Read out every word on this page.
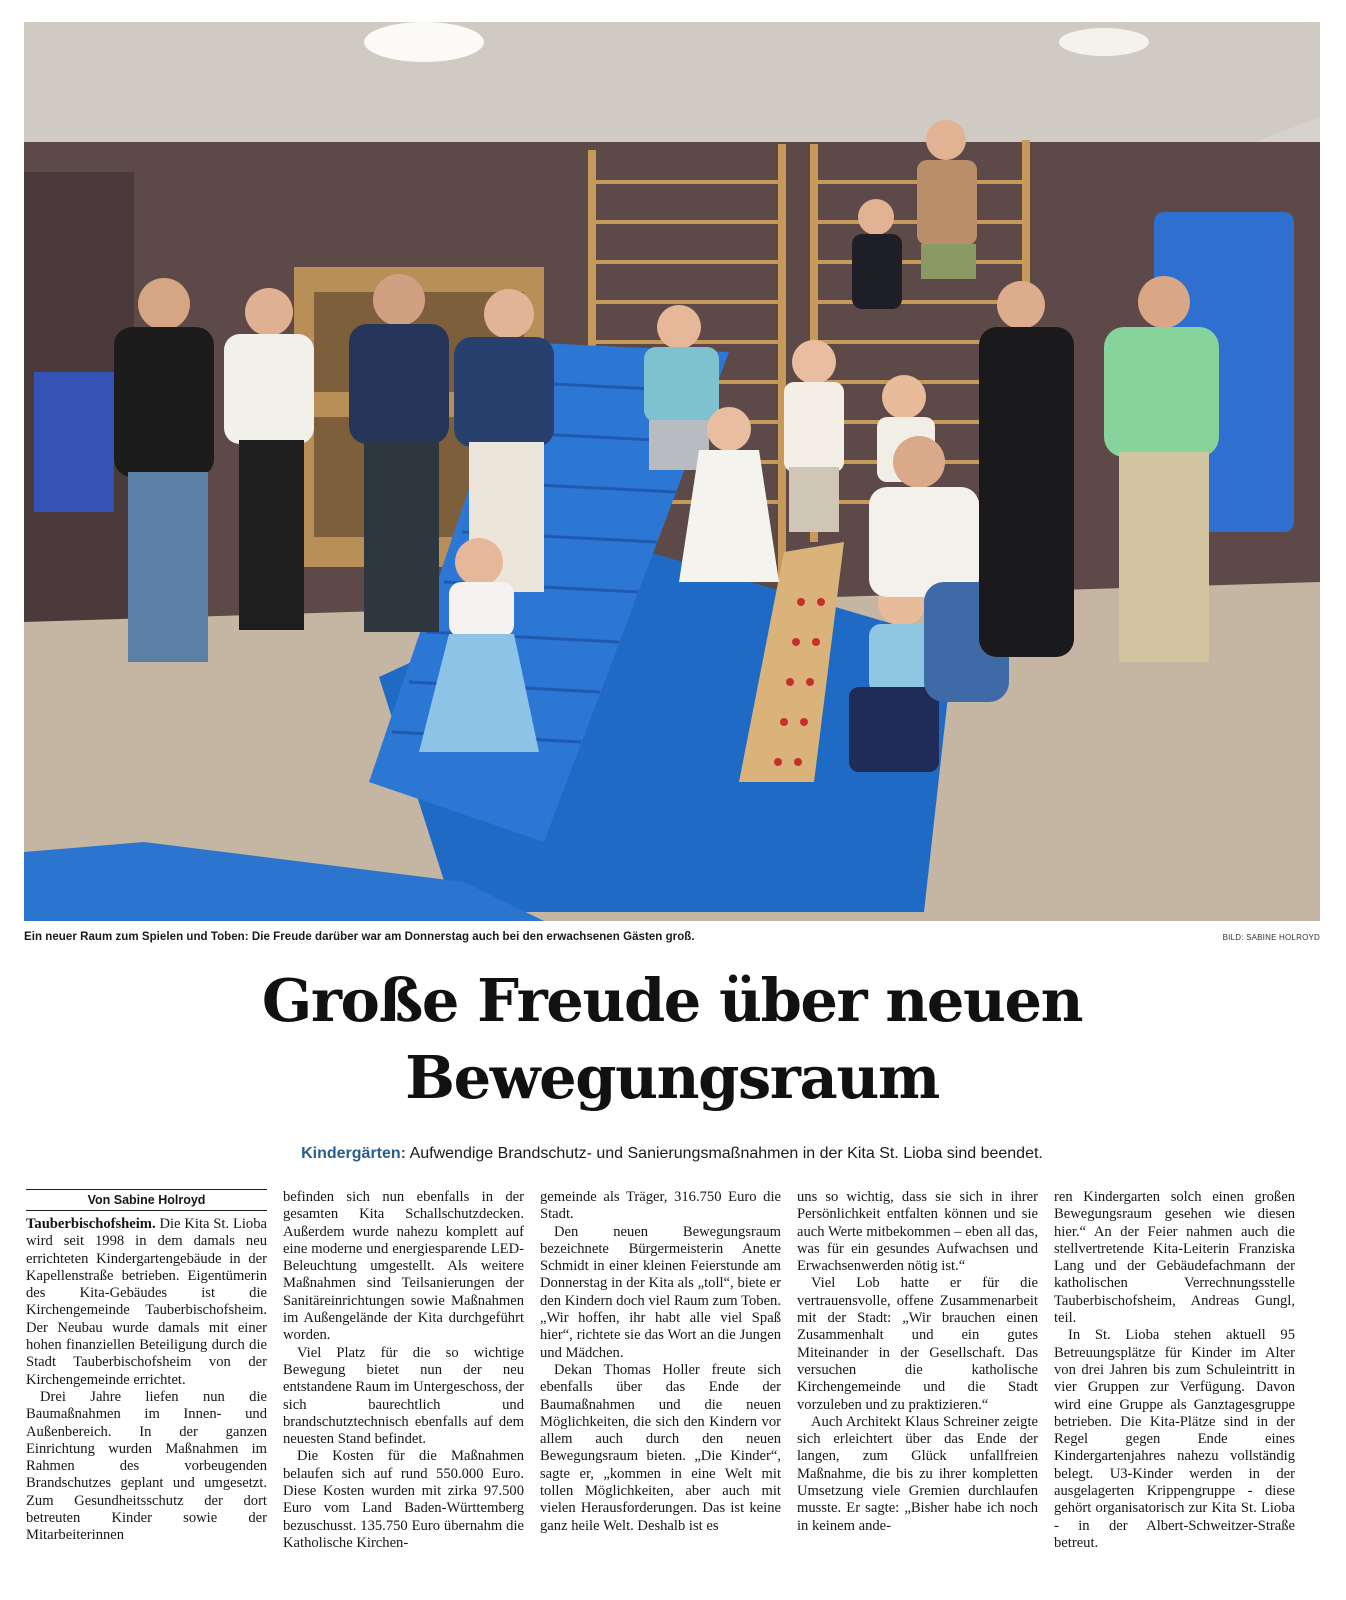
Ein neuer Raum zum Spielen und Toben: Die Freude darüber war am Donnerstag auch bei den erwachsenen Gästen groß.	BILD: SABINE HOLROYD
Große Freude über neuen
Bewegungsraum
Kindergärten: Aufwendige Brandschutz- und Sanierungsmaßnahmen in der Kita St. Lioba sind beendet.
Von Sabine Holroyd

Tauberbischofsheim. Die Kita St. Lioba wird seit 1998 in dem damals neu errichteten Kindergartengebäude in der Kapellenstraße betrieben. Eigentümerin des Kita-Gebäudes ist die Kirchengemeinde Tauberbischofsheim. Der Neubau wurde damals mit einer hohen finanziellen Beteiligung durch die Stadt Tauberbischofsheim von der Kirchengemeinde errichtet.

Drei Jahre liefen nun die Baumaßnahmen im Innen- und Außenbereich. In der ganzen Einrichtung wurden Maßnahmen im Rahmen des vorbeugenden Brandschutzes geplant und umgesetzt. Zum Gesundheitsschutz der dort betreuten Kinder sowie der Mitarbeiterinnen

befinden sich nun ebenfalls in der gesamten Kita Schallschutzdecken. Außerdem wurde nahezu komplett auf eine moderne und energiesparende LED-Beleuchtung umgestellt. Als weitere Maßnahmen sind Teilsanierungen der Sanitäreinrichtungen sowie Maßnahmen im Außengelände der Kita durchgeführt worden.

Viel Platz für die so wichtige Bewegung bietet nun der neu entstandene Raum im Untergeschoss, der sich baurechtlich und brandschutztechnisch ebenfalls auf dem neuesten Stand befindet.

Die Kosten für die Maßnahmen belaufen sich auf rund 550.000 Euro. Diese Kosten wurden mit zirka 97.500 Euro vom Land Baden-Württemberg bezuschusst. 135.750 Euro übernahm die Katholische Kirchen-

gemeinde als Träger, 316.750 Euro die Stadt.

Den neuen Bewegungsraum bezeichnete Bürgermeisterin Anette Schmidt in einer kleinen Feierstunde am Donnerstag in der Kita als „toll“, biete er den Kindern doch viel Raum zum Toben. „Wir hoffen, ihr habt alle viel Spaß hier“, richtete sie das Wort an die Jungen und Mädchen.

Dekan Thomas Holler freute sich ebenfalls über das Ende der Baumaßnahmen und die neuen Möglichkeiten, die sich den Kindern vor allem auch durch den neuen Bewegungsraum bieten. „Die Kinder“, sagte er, „kommen in eine Welt mit tollen Möglichkeiten, aber auch mit vielen Herausforderungen. Das ist keine ganz heile Welt. Deshalb ist es

uns so wichtig, dass sie sich in ihrer Persönlichkeit entfalten können und sie auch Werte mitbekommen – eben all das, was für ein gesundes Aufwachsen und Erwachsenwerden nötig ist.“

Viel Lob hatte er für die vertrauensvolle, offene Zusammenarbeit mit der Stadt: „Wir brauchen einen Zusammenhalt und ein gutes Miteinander in der Gesellschaft. Das versuchen die katholische Kirchengemeinde und die Stadt vorzuleben und zu praktizieren.“

Auch Architekt Klaus Schreiner zeigte sich erleichtert über das Ende der langen, zum Glück unfallfreien Maßnahme, die bis zu ihrer kompletten Umsetzung viele Gremien durchlaufen musste. Er sagte: „Bisher habe ich noch in keinem ande-

ren Kindergarten solch einen großen Bewegungsraum gesehen wie diesen hier.“ An der Feier nahmen auch die stellvertretende Kita-Leiterin Franziska Lang und der Gebäudefachmann der katholischen Verrechnungsstelle Tauberbischofsheim, Andreas Gungl, teil.

In St. Lioba stehen aktuell 95 Betreuungsplätze für Kinder im Alter von drei Jahren bis zum Schuleintritt in vier Gruppen zur Verfügung. Davon wird eine Gruppe als Ganztagesgruppe betrieben. Die Kita-Plätze sind in der Regel gegen Ende eines Kindergartenjahres nahezu vollständig belegt. U3-Kinder werden in der ausgelagerten Krippengruppe - diese gehört organisatorisch zur Kita St. Lioba - in der Albert-Schweitzer-Straße betreut.
